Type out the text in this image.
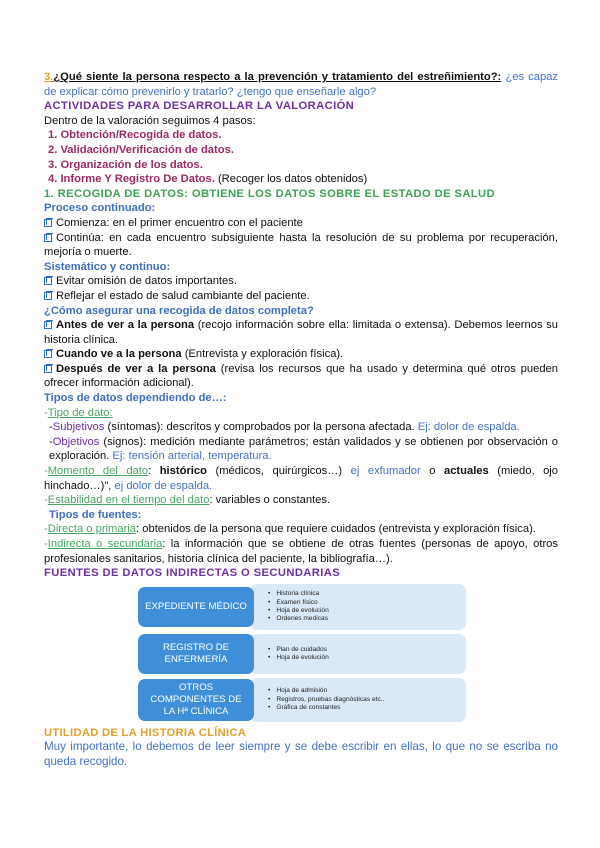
3.¿Qué siente la persona respecto a la prevención y tratamiento del estreñimiento?: ¿es capaz de explicar cómo prevenirlo y tratarlo? ¿tengo que enseñarle algo?

ACTIVIDADES PARA DESARROLLAR LA VALORACIÓN

Dentro de la valoración seguimos 4 pasos:

1. Obtención/Recogida de datos.

2. Validación/Verificación de datos.

3. Organización de los datos.

4. Informe Y Registro De Datos. (Recoger los datos obtenidos)

1. RECOGIDA DE DATOS: OBTIENE LOS DATOS SOBRE EL ESTADO DE SALUD

Proceso continuado:

Comienza: en el primer encuentro con el paciente

Continúa: en cada encuentro subsiguiente hasta la resolución de su problema por recuperación, mejoría o muerte.

Sistemático y continuo:

Evitar omisión de datos importantes.

Reflejar el estado de salud cambiante del paciente.

¿Cómo asegurar una recogida de datos completa?

Antes de ver a la persona (recojo información sobre ella: limitada o extensa). Debemos leernos su historia clínica.

Cuando ve a la persona (Entrevista y exploración física).

Después de ver a la persona (revisa los recursos que ha usado y determina qué otros pueden ofrecer información adicional).

Tipos de datos dependiendo de…:

-Tipo de dato:

-Subjetivos (síntomas): descritos y comprobados por la persona afectada. Ej: dolor de espalda.

-Objetivos (signos): medición mediante parámetros; están validados y se obtienen por observación o exploración. Ej: tensión arterial, temperatura.

-Momento del dato: histórico (médicos, quirúrgicos…) ej exfumador o actuales (miedo, ojo hinchado…)", ej dolor de espalda.

-Estabilidad en el tiempo del dato: variables o constantes.

Tipos de fuentes:

-Directa o primaria: obtenidos de la persona que requiere cuidados (entrevista y exploración física).

-Indirecta o secundaria: la información que se obtiene de otras fuentes (personas de apoyo, otros profesionales sanitarios, historia clínica del paciente, la bibliografía…).

FUENTES DE DATOS INDIRECTAS O SECUNDARIAS

EXPEDIENTE MÉDICO
• Historia clínica
• Examen físico
• Hoja de evolución
• Ordenes medicas
REGISTRO DE ENFERMERÍA
• Plan de cuidados
• Hoja de evolución
OTROS COMPONENTES DE LA Hª CLÍNICA
• Hoja de admisión
• Registros, pruebas diagnósticas etc..
• Gráfica de constantes

UTILIDAD DE LA HISTORIA CLÍNICA

Muy importante, lo debemos de leer siempre y se debe escribir en ellas, lo que no se escriba no queda recogido.
